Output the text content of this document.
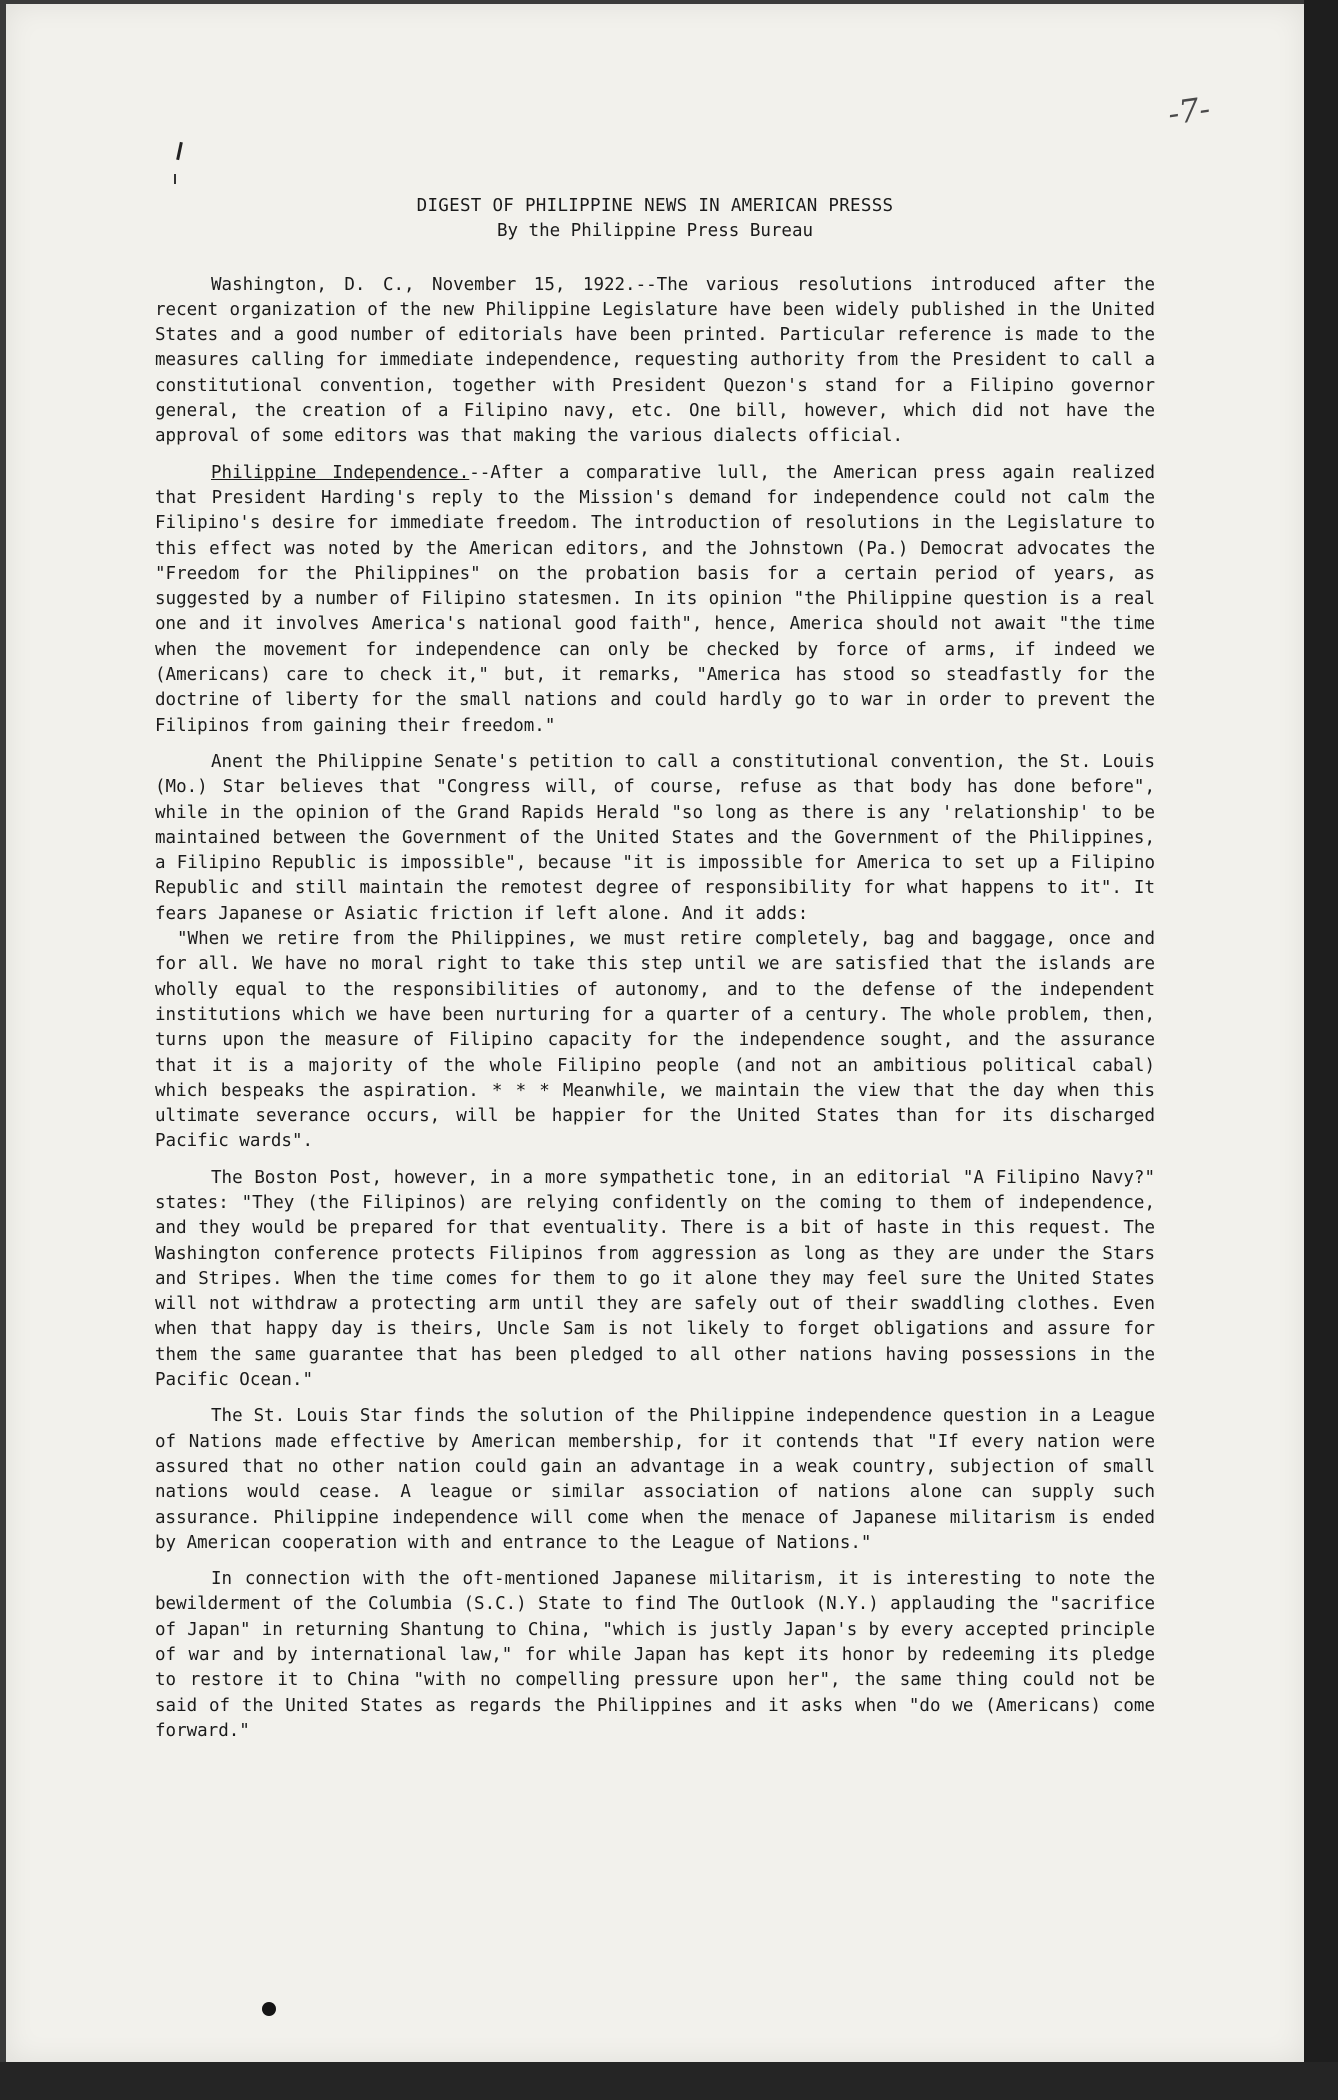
-7-
DIGEST OF PHILIPPINE NEWS IN AMERICAN PRESSS
By the Philippine Press Bureau

Washington, D. C., November 15, 1922.--The various resolutions introduced after the recent organization of the new Philippine Legislature have been widely published in the United States and a good number of editorials have been printed. Particular reference is made to the measures calling for immediate independence, requesting authority from the President to call a constitutional convention, together with President Quezon's stand for a Filipino governor general, the creation of a Filipino navy, etc. One bill, however, which did not have the approval of some editors was that making the various dialects official.

Philippine Independence.--After a comparative lull, the American press again realized that President Harding's reply to the Mission's demand for independence could not calm the Filipino's desire for immediate freedom. The introduction of resolutions in the Legislature to this effect was noted by the American editors, and the Johnstown (Pa.) Democrat advocates the "Freedom for the Philippines" on the probation basis for a certain period of years, as suggested by a number of Filipino statesmen. In its opinion "the Philippine question is a real one and it involves America's national good faith", hence, America should not await "the time when the movement for independence can only be checked by force of arms, if indeed we (Americans) care to check it," but, it remarks, "America has stood so steadfastly for the doctrine of liberty for the small nations and could hardly go to war in order to prevent the Filipinos from gaining their freedom."

Anent the Philippine Senate's petition to call a constitutional convention, the St. Louis (Mo.) Star believes that "Congress will, of course, refuse as that body has done before", while in the opinion of the Grand Rapids Herald "so long as there is any 'relationship' to be maintained between the Government of the United States and the Government of the Philippines, a Filipino Republic is impossible", because "it is impossible for America to set up a Filipino Republic and still maintain the remotest degree of responsibility for what happens to it". It fears Japanese or Asiatic friction if left alone. And it adds:

"When we retire from the Philippines, we must retire completely, bag and baggage, once and for all. We have no moral right to take this step until we are satisfied that the islands are wholly equal to the responsibilities of autonomy, and to the defense of the independent institutions which we have been nurturing for a quarter of a century. The whole problem, then, turns upon the measure of Filipino capacity for the independence sought, and the assurance that it is a majority of the whole Filipino people (and not an ambitious political cabal) which bespeaks the aspiration. * * * Meanwhile, we maintain the view that the day when this ultimate severance occurs, will be happier for the United States than for its discharged Pacific wards".

The Boston Post, however, in a more sympathetic tone, in an editorial "A Filipino Navy?" states: "They (the Filipinos) are relying confidently on the coming to them of independence, and they would be prepared for that eventuality. There is a bit of haste in this request. The Washington conference protects Filipinos from aggression as long as they are under the Stars and Stripes. When the time comes for them to go it alone they may feel sure the United States will not withdraw a protecting arm until they are safely out of their swaddling clothes. Even when that happy day is theirs, Uncle Sam is not likely to forget obligations and assure for them the same guarantee that has been pledged to all other nations having possessions in the Pacific Ocean."

The St. Louis Star finds the solution of the Philippine independence question in a League of Nations made effective by American membership, for it contends that "If every nation were assured that no other nation could gain an advantage in a weak country, subjection of small nations would cease. A league or similar association of nations alone can supply such assurance. Philippine independence will come when the menace of Japanese militarism is ended by American cooperation with and entrance to the League of Nations."

In connection with the oft-mentioned Japanese militarism, it is interesting to note the bewilderment of the Columbia (S.C.) State to find The Outlook (N.Y.) applauding the "sacrifice of Japan" in returning Shantung to China, "which is justly Japan's by every accepted principle of war and by international law," for while Japan has kept its honor by redeeming its pledge to restore it to China "with no compelling pressure upon her", the same thing could not be said of the United States as regards the Philippines and it asks when "do we (Americans) come forward."
